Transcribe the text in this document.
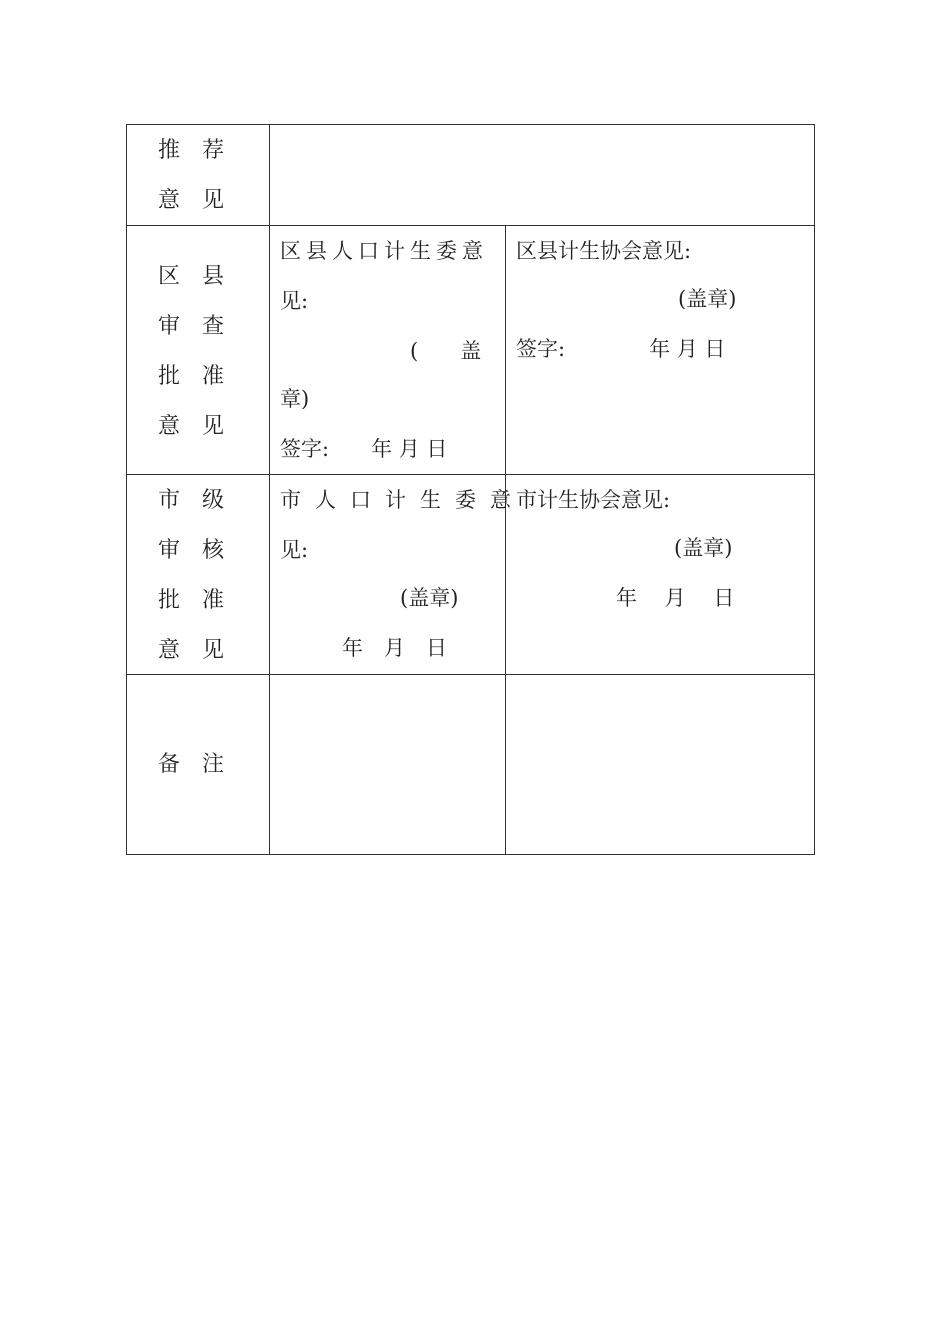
推　荐
意　见
区　县
审　查
批　准
意　见
区县人口计生委意
见:
(　　盖
章)
签字:　　年 月 日
区县计生协会意见:
(盖章)
签字:　　　　年 月 日
市　级
审　核
批　准
意　见
市人口计生委意
见:
(盖章)
年　月　日
市计生协会意见:
(盖章)
年　 月　 日
备　注
